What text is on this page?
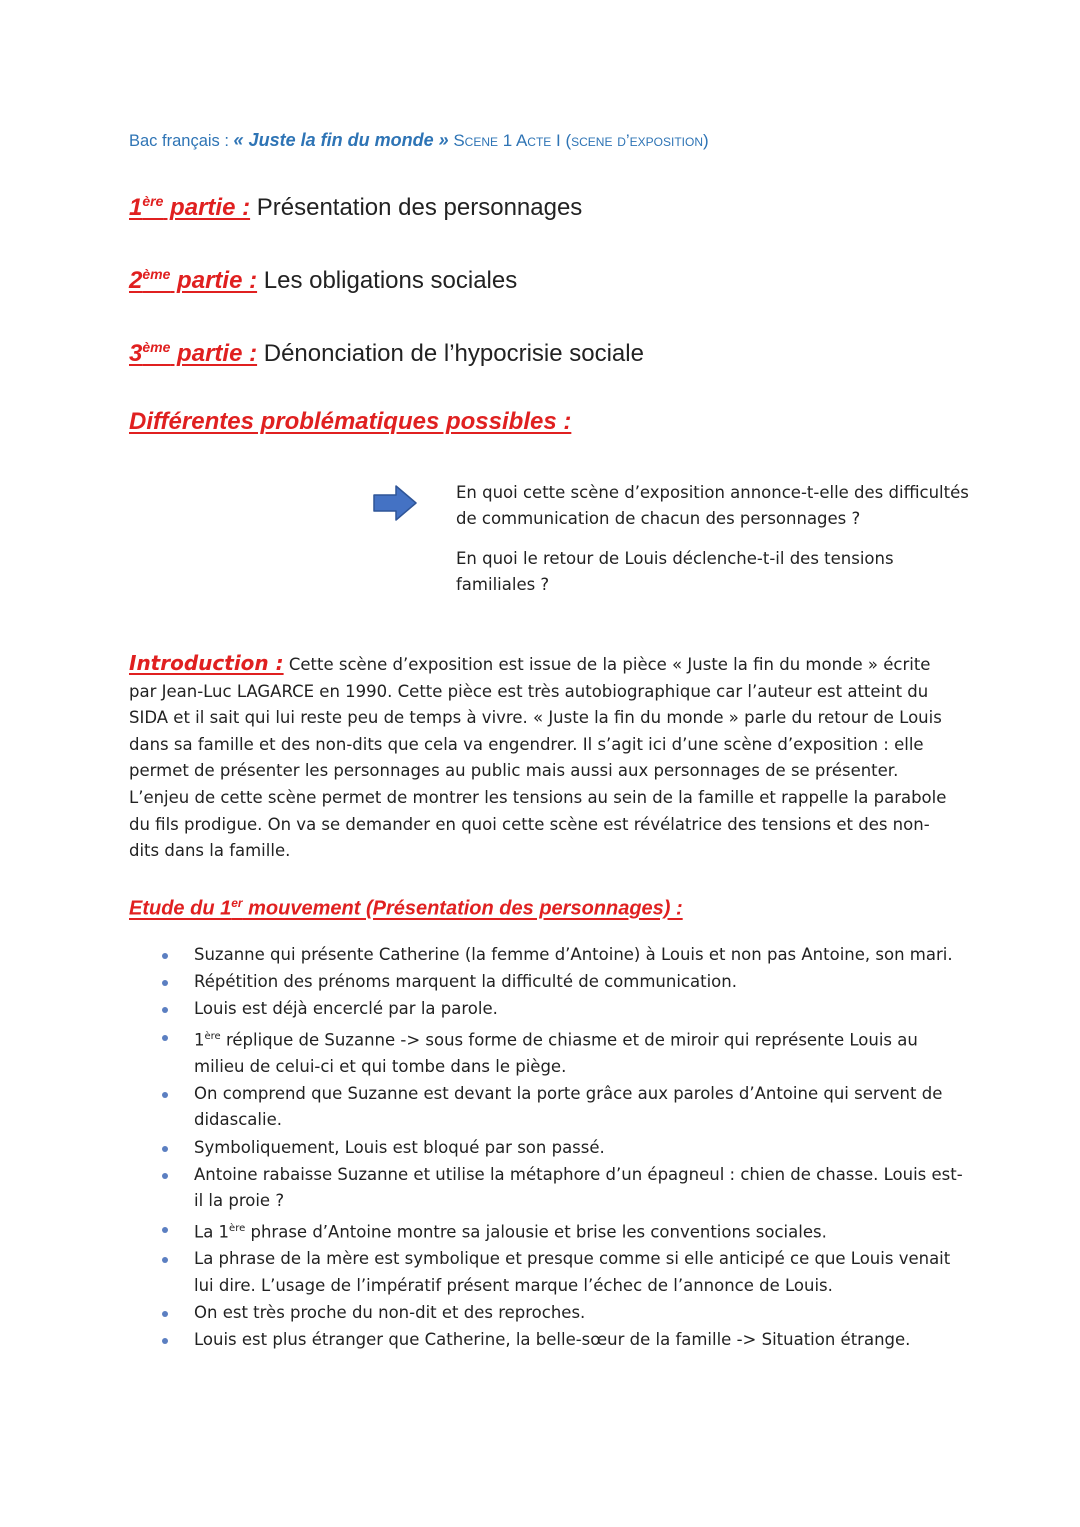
Bac français : « Juste la fin du monde » Scene 1 Acte I (scene d’exposition)
1ère partie : Présentation des personnages
2ème partie : Les obligations sociales
3ème partie : Dénonciation de l’hypocrisie sociale
Différentes problématiques possibles :

En quoi cette scène d’exposition annonce-t-elle des difficultés de communication de chacun des personnages ?

En quoi le retour de Louis déclenche-t-il des tensions familiales ?

Introduction : Cette scène d’exposition est issue de la pièce « Juste la fin du monde » écrite par Jean-Luc LAGARCE en 1990. Cette pièce est très autobiographique car l’auteur est atteint du SIDA et il sait qui lui reste peu de temps à vivre. « Juste la fin du monde » parle du retour de Louis dans sa famille et des non-dits que cela va engendrer. Il s’agit ici d’une scène d’exposition : elle permet de présenter les personnages au public mais aussi aux personnages de se présenter. L’enjeu de cette scène permet de montrer les tensions au sein de la famille et rappelle la parabole du fils prodigue. On va se demander en quoi cette scène est révélatrice des tensions et des non-dits dans la famille.
Etude du 1er mouvement (Présentation des personnages) :
Suzanne qui présente Catherine (la femme d’Antoine) à Louis et non pas Antoine, son mari.
Répétition des prénoms marquent la difficulté de communication.
Louis est déjà encerclé par la parole.
1ère réplique de Suzanne -> sous forme de chiasme et de miroir qui représente Louis au milieu de celui-ci et qui tombe dans le piège.
On comprend que Suzanne est devant la porte grâce aux paroles d’Antoine qui servent de didascalie.
Symboliquement, Louis est bloqué par son passé.
Antoine rabaisse Suzanne et utilise la métaphore d’un épagneul : chien de chasse. Louis est-il la proie ?
La 1ère phrase d’Antoine montre sa jalousie et brise les conventions sociales.
La phrase de la mère est symbolique et presque comme si elle anticipé ce que Louis venait lui dire. L’usage de l’impératif présent marque l’échec de l’annonce de Louis.
On est très proche du non-dit et des reproches.
Louis est plus étranger que Catherine, la belle-sœur de la famille -> Situation étrange.
